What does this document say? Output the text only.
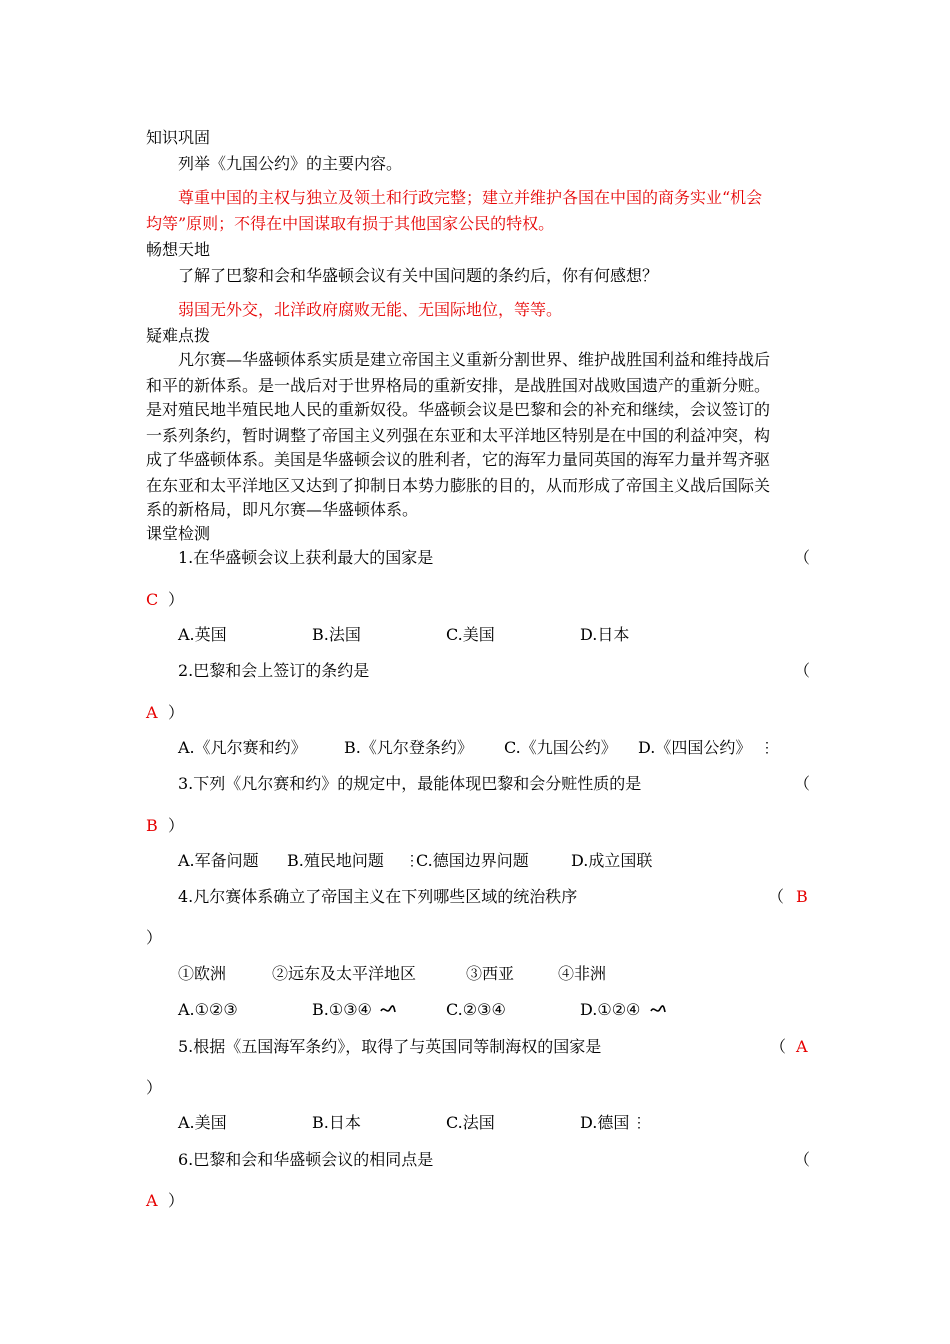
知识巩固
列举《九国公约》的主要内容。
尊重中国的主权与独立及领土和行政完整；建立并维护各国在中国的商务实业“机会
均等”原则；不得在中国谋取有损于其他国家公民的特权。
畅想天地
了解了巴黎和会和华盛顿会议有关中国问题的条约后，你有何感想？
弱国无外交，北洋政府腐败无能、无国际地位，等等。
疑难点拨
凡尔赛—华盛顿体系实质是建立帝国主义重新分割世界、维护战胜国利益和维持战后
和平的新体系。是一战后对于世界格局的重新安排，是战胜国对战败国遗产的重新分赃。
是对殖民地半殖民地人民的重新奴役。华盛顿会议是巴黎和会的补充和继续，会议签订的
一系列条约，暂时调整了帝国主义列强在东亚和太平洋地区特别是在中国的利益冲突，构
成了华盛顿体系。美国是华盛顿会议的胜利者，它的海军力量同英国的海军力量并驾齐驱
在东亚和太平洋地区又达到了抑制日本势力膨胀的目的，从而形成了帝国主义战后国际关
系的新格局，即凡尔赛—华盛顿体系。
课堂检测
1.在华盛顿会议上获利最大的国家是	（
C ）
A.英国	B.法国	C.美国	D.日本
2.巴黎和会上签订的条约是	（
A ）
A.《凡尔赛和约》 B.《凡尔登条约》 C.《九国公约》 D.《四国公约》 ⋮
3.下列《凡尔赛和约》的规定中，最能体现巴黎和会分赃性质的是	（
B ）
A.军备问题 B.殖民地问题 ⋮
C.德国边界问题	D.成立国联
4.凡尔赛体系确立了帝国主义在下列哪些区域的统治秩序	（ B
）
①欧洲	②远东及太平洋地区	③西亚	④非洲
A.①②③	B.①③④	C.②③④	D.①②④
5.根据《五国海军条约》，取得了与英国同等制海权的国家是	（ A
）
A.美国	B.日本	C.法国	D.德国 ⋮
6.巴黎和会和华盛顿会议的相同点是	（
A ）
